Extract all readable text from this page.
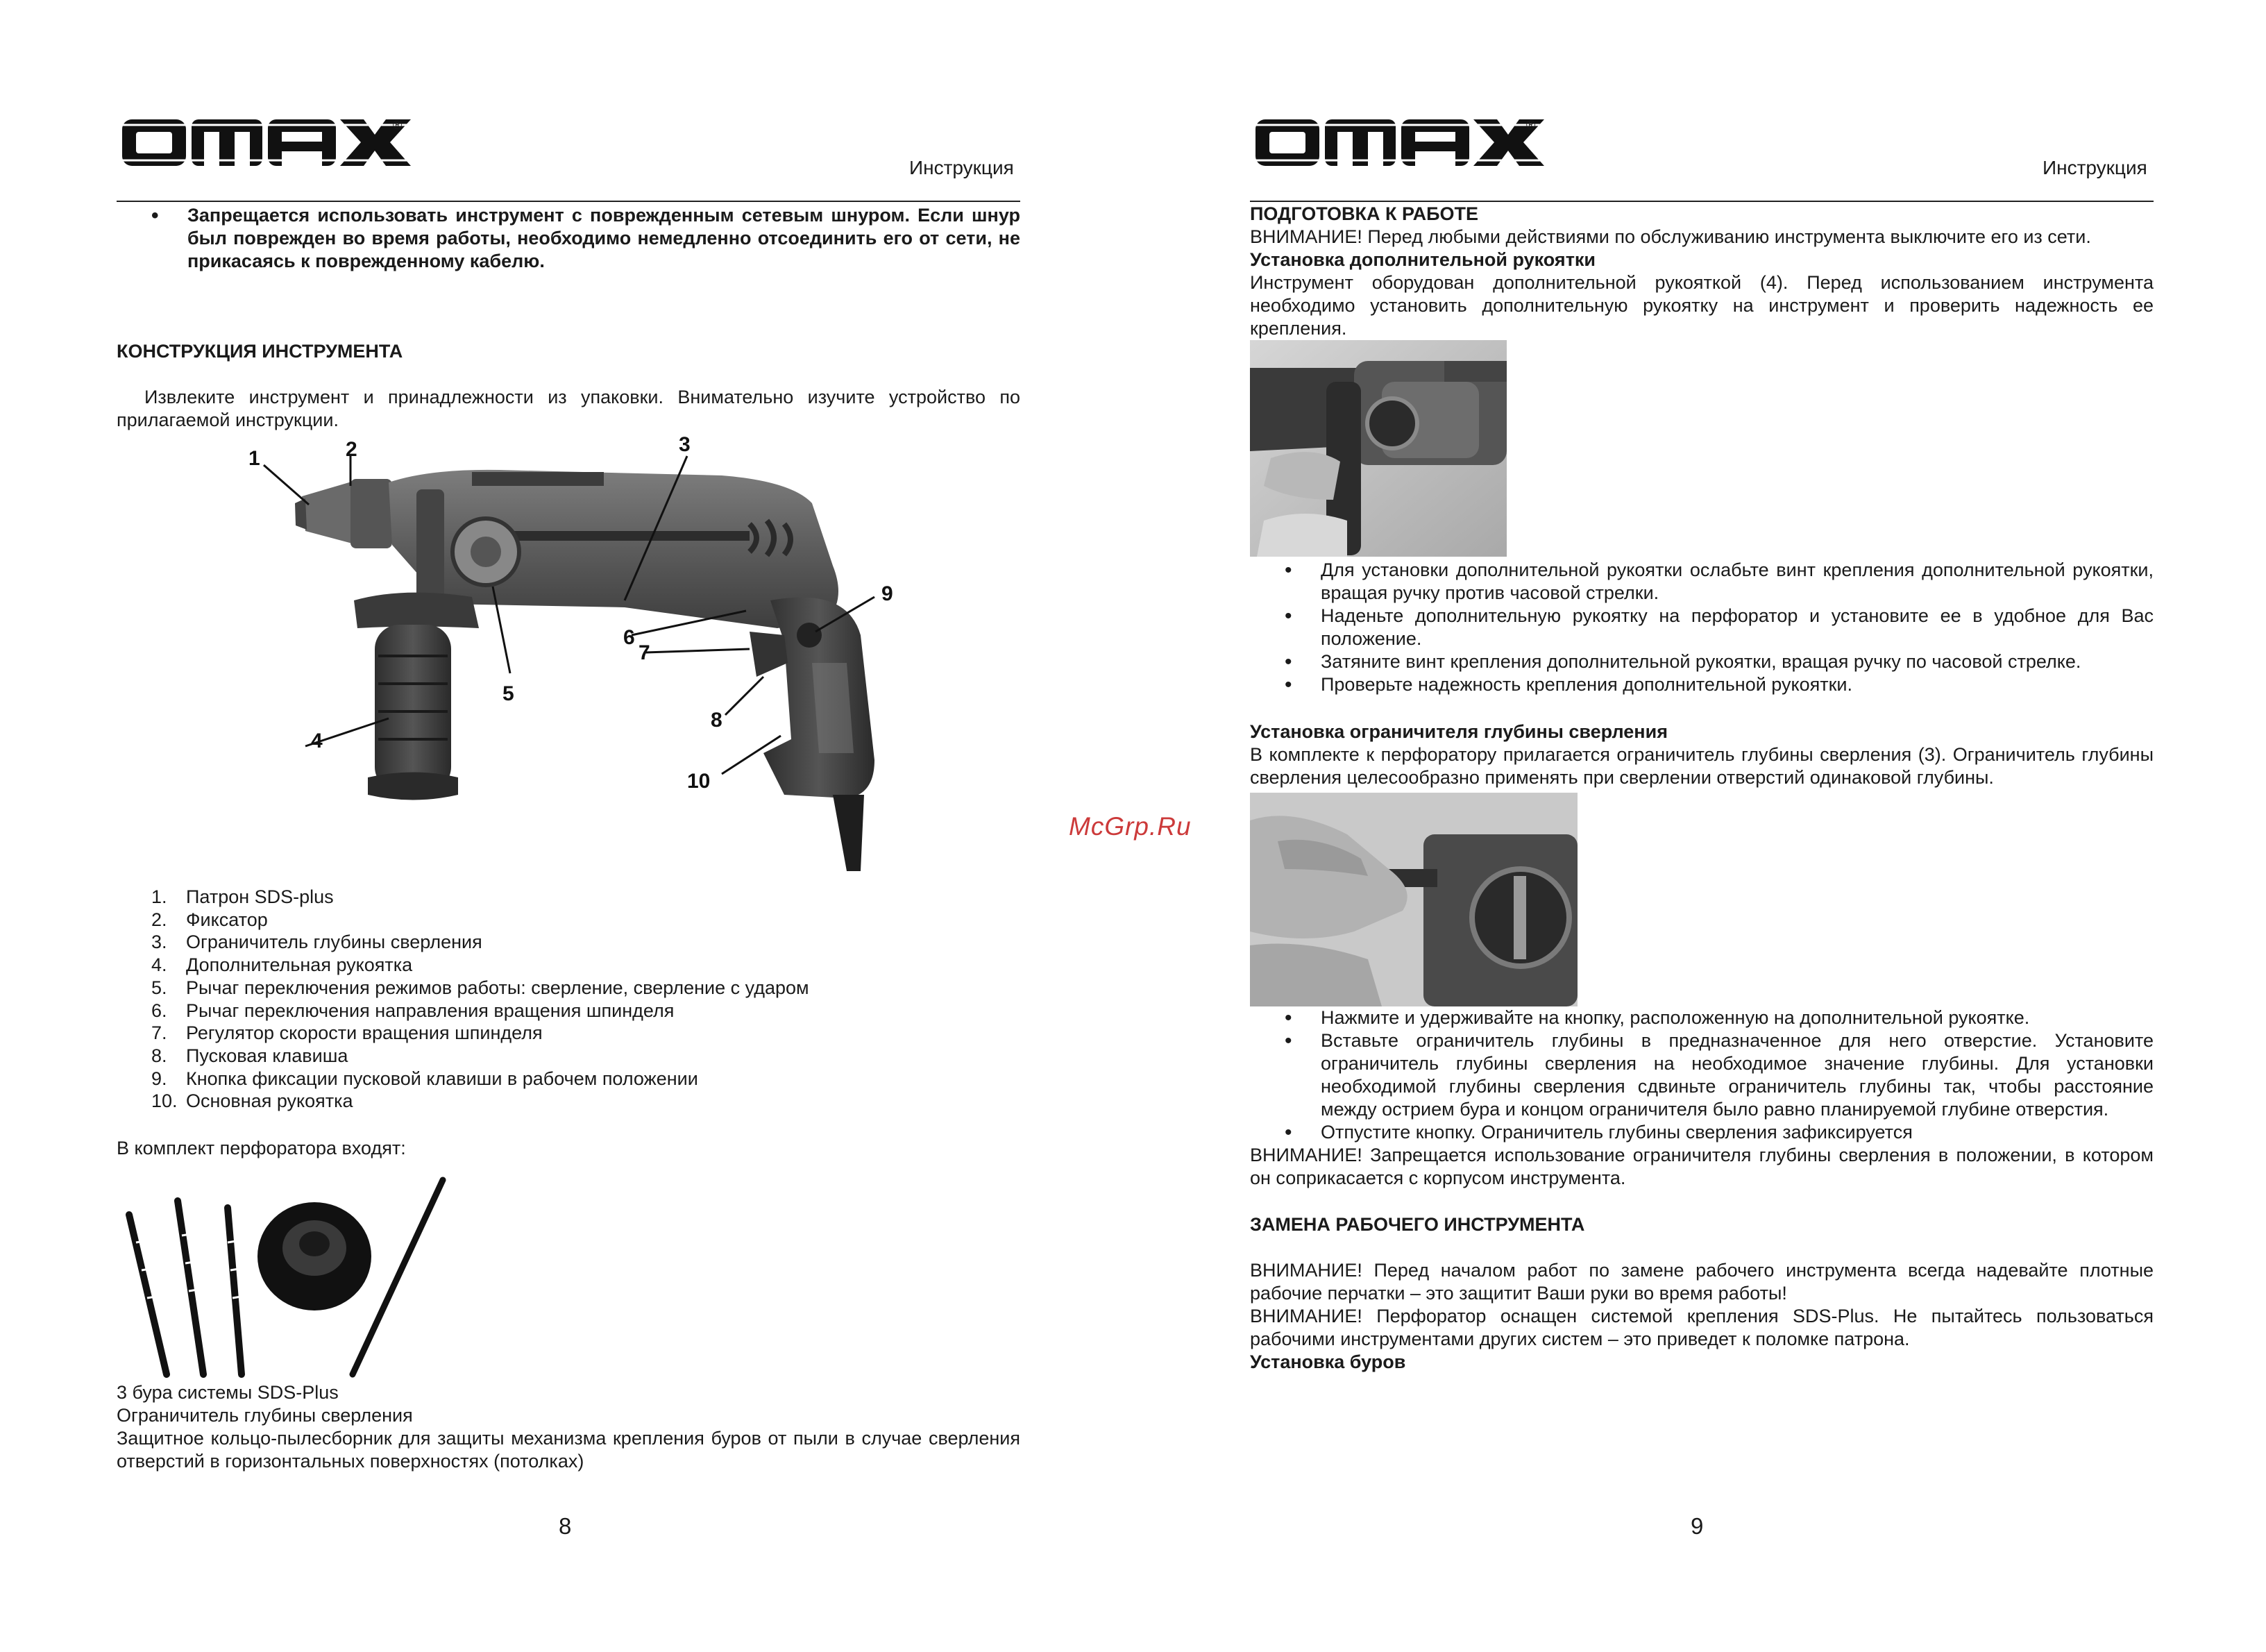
®
Инструкция
• Запрещается использовать инструмент с поврежденным сетевым шнуром. Если шнур был поврежден во время работы, необходимо немедленно отсоединить его от сети, не прикасаясь к поврежденному кабелю.
КОНСТРУКЦИЯ ИНСТРУМЕНТА
Извлеките инструмент и принадлежности из упаковки. Внимательно изучите устройство по прилагаемой инструкции.
1	2	3
4
5
6
7
8
9
10
1.	Патрон SDS-plus
2.	Фиксатор
3.	Ограничитель глубины сверления
4.	Дополнительная рукоятка
5.	Рычаг переключения режимов работы: сверление, сверление с ударом
6.	Рычаг переключения направления вращения шпинделя
7.	Регулятор скорости вращения шпинделя
8.	Пусковая клавиша
9.	Кнопка фиксации пусковой клавиши в рабочем положении
10. Основная рукоятка
В комплект перфоратора входят:
3 бура системы SDS-Plus
Ограничитель глубины сверления
Защитное кольцо-пылесборник для защиты механизма крепления буров от пыли в случае сверления отверстий в горизонтальных поверхностях (потолках)
8
McGrp.Ru
®
Инструкция
ПОДГОТОВКА К РАБОТЕ
ВНИМАНИЕ! Перед любыми действиями по обслуживанию инструмента выключите его из сети.
Установка дополнительной рукоятки
Инструмент оборудован дополнительной рукояткой (4). Перед использованием инструмента необходимо установить дополнительную рукоятку на инструмент и проверить надежность ее крепления.
• Для установки дополнительной рукоятки ослабьте винт крепления дополнительной рукоятки, вращая ручку против часовой стрелки.
• Наденьте дополнительную рукоятку на перфоратор и установите ее в удобное для Вас положение.
• Затяните винт крепления дополнительной рукоятки, вращая ручку по часовой стрелке.
• Проверьте надежность крепления дополнительной рукоятки.
Установка ограничителя глубины сверления
В комплекте к перфоратору прилагается ограничитель глубины сверления (3). Ограничитель глубины сверления целесообразно применять при сверлении отверстий одинаковой глубины.
• Нажмите и удерживайте на кнопку, расположенную на дополнительной рукоятке.
• Вставьте ограничитель глубины в предназначенное для него отверстие. Установите ограничитель глубины сверления на необходимое значение глубины. Для установки необходимой глубины сверления сдвиньте ограничитель глубины так, чтобы расстояние между острием бура и концом ограничителя было равно планируемой глубине отверстия.
• Отпустите кнопку. Ограничитель глубины сверления зафиксируется
ВНИМАНИЕ! Запрещается использование ограничителя глубины сверления в положении, в котором он соприкасается с корпусом инструмента.
ЗАМЕНА РАБОЧЕГО ИНСТРУМЕНТА
ВНИМАНИЕ! Перед началом работ по замене рабочего инструмента всегда надевайте плотные рабочие перчатки – это защитит Ваши руки во время работы!
ВНИМАНИЕ! Перфоратор оснащен системой крепления SDS-Plus. Не пытайтесь пользоваться рабочими инструментами других систем – это приведет к поломке патрона.
Установка буров
9
